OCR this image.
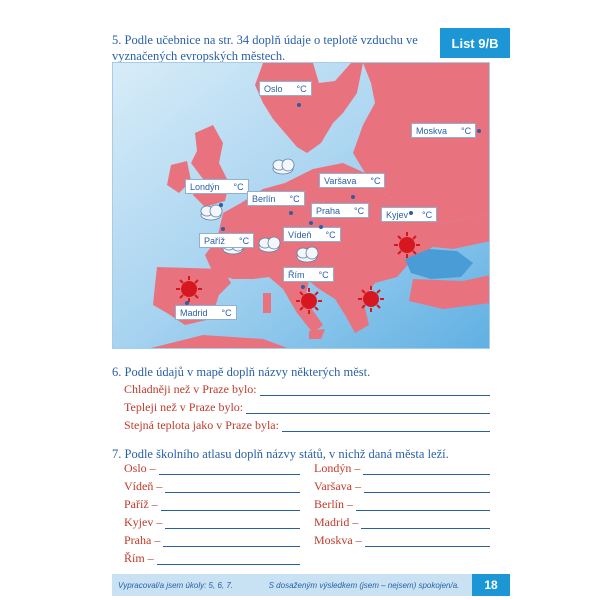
List 9/B
5. Podle učebnice na str. 34 doplň údaje o teplotě vzduchu ve vyznačených evropských městech.
Oslo °C
Moskva °C
Londýn °C
Varšava °C
Berlín °C
Praha °C Kyjev °C
Paříž °C
Vídeň °C
Řím °C
Madrid °C
6. Podle údajů v mapě doplň názvy některých měst.
Chladněji než v Praze bylo:
Tepleji než v Praze bylo:
Stejná teplota jako v Praze byla:
7. Podle školního atlasu doplň názvy států, v nichž daná města leží.
Oslo –
Vídeň –
Paříž –
Kyjev –
Praha –
Řím –
Londýn –
Varšava –
Berlín –
Madrid –
Moskva –
Vypracoval/a jsem úkoly: 5, 6, 7.	S dosaženým výsledkem (jsem – nejsem) spokojen/a.	18
